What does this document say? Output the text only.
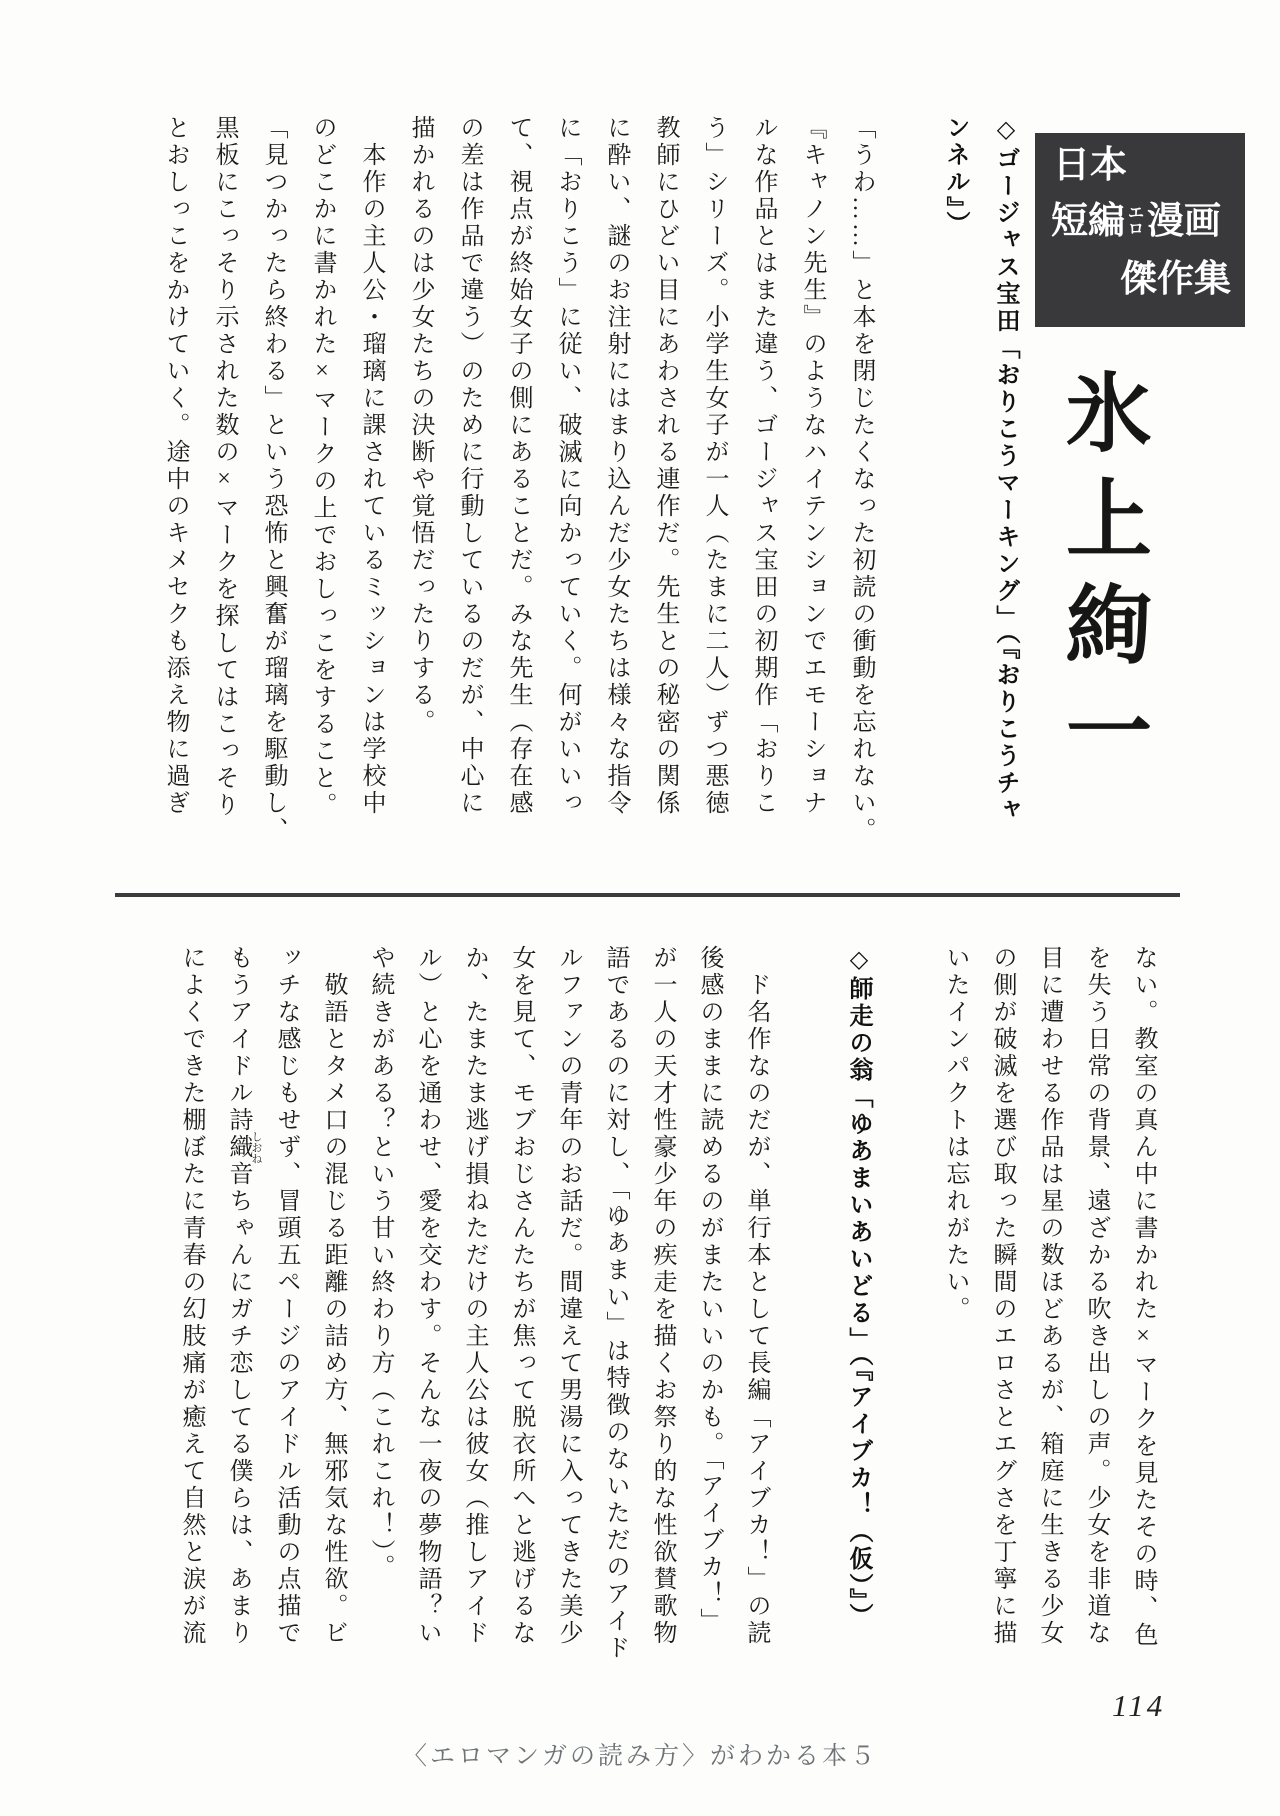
日本
短編 エ
ロ 漫画
傑作集
氷上絢一
◇ゴージャス宝田「おりこうマーキング」（『おりこうチャ
ンネル』）
「うわ……」と本を閉じたくなった初読の衝動を忘れない。
『キャノン先生』のようなハイテンションでエモーショナ
ルな作品とはまた違う、ゴージャス宝田の初期作「おりこ
う」シリーズ。小学生女子が一人（たまに二人）ずつ悪徳
教師にひどい目にあわされる連作だ。先生との秘密の関係
に酔い、謎のお注射にはまり込んだ少女たちは様々な指令
に「おりこう」に従い、破滅に向かっていく。何がいいっ
て、視点が終始女子の側にあることだ。みな先生（存在感
の差は作品で違う）のために行動しているのだが、中心に
描かれるのは少女たちの決断や覚悟だったりする。
　本作の主人公・瑠璃に課されているミッションは学校中
のどこかに書かれた×マークの上でおしっこをすること。
「見つかったら終わる」という恐怖と興奮が瑠璃を駆動し、
黒板にこっそり示された数の×マークを探してはこっそり
とおしっこをかけていく。途中のキメセクも添え物に過ぎ
ない。教室の真ん中に書かれた×マークを見たその時、色
を失う日常の背景、遠ざかる吹き出しの声。少女を非道な
目に遭わせる作品は星の数ほどあるが、箱庭に生きる少女
の側が破滅を選び取った瞬間のエロさとエグさを丁寧に描
いたインパクトは忘れがたい。
◇師走の翁「ゆあまいあいどる」（『アイブカ！（仮）』）
　ド名作なのだが、単行本として長編「アイブカ！」の読
後感のままに読めるのがまたいいのかも。「アイブカ！」
が一人の天才性豪少年の疾走を描くお祭り的な性欲賛歌物
語であるのに対し、「ゆあまい」は特徴のないただのアイド
ルファンの青年のお話だ。間違えて男湯に入ってきた美少
女を見て、モブおじさんたちが焦って脱衣所へと逃げるな
か、たまたま逃げ損ねただけの主人公は彼女（推しアイド
ル）と心を通わせ、愛を交わす。そんな一夜の夢物語？い
や続きがある？という甘い終わり方（これこれ！）。
　敬語とタメ口の混じる距離の詰め方、無邪気な性欲。ビ
ッチな感じもせず、冒頭五ページのアイドル活動の点描で
もうアイドル詩織音 しおねちゃんにガチ恋してる僕らは、あまり
によくできた棚ぼたに青春の幻肢痛が癒えて自然と涙が流
114
〈エロマンガの読み方〉がわかる本５
